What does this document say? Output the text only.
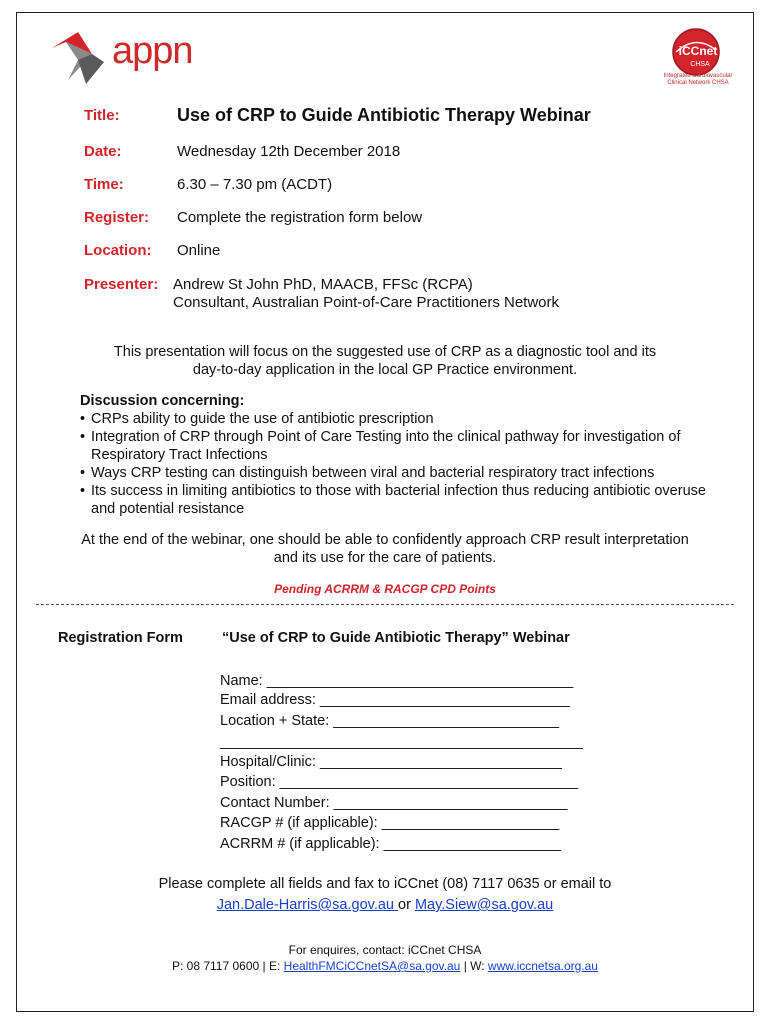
appn	iCCnet
CHSA
Integrated Cardiovascular
Clinical Network CHSA
Title:	Use of CRP to Guide Antibiotic Therapy Webinar
Date:	Wednesday 12th December 2018
Time:	6.30 – 7.30 pm (ACDT)
Register: Complete the registration form below
Location: Online
Presenter: Andrew St John PhD, MAACB, FFSc (RCPA)
Consultant, Australian Point-of-Care Practitioners Network
This presentation will focus on the suggested use of CRP as a diagnostic tool and its
day-to-day application in the local GP Practice environment.
Discussion concerning:
• CRPs ability to guide the use of antibiotic prescription
• Integration of CRP through Point of Care Testing into the clinical pathway for investigation of Respiratory Tract Infections
• Ways CRP testing can distinguish between viral and bacterial respiratory tract infections
• Its success in limiting antibiotics to those with bacterial infection thus reducing antibiotic overuse and potential resistance
At the end of the webinar, one should be able to confidently approach CRP result interpretation
and its use for the care of patients.
Pending ACRRM & RACGP CPD Points
Registration Form	“Use of CRP to Guide Antibiotic Therapy” Webinar
Name: ______________________________________
Email address: _______________________________
Location + State: ____________________________
_____________________________________________
Hospital/Clinic: ______________________________
Position: _____________________________________
Contact Number: _____________________________
RACGP # (if applicable): ______________________
ACRRM # (if applicable): ______________________
Please complete all fields and fax to iCCnet (08) 7117 0635 or email to
Jan.Dale-Harris@sa.gov.au or May.Siew@sa.gov.au
For enquires, contact: iCCnet CHSA
P: 08 7117 0600 | E: HealthFMCiCCnetSA@sa.gov.au | W: www.iccnetsa.org.au
